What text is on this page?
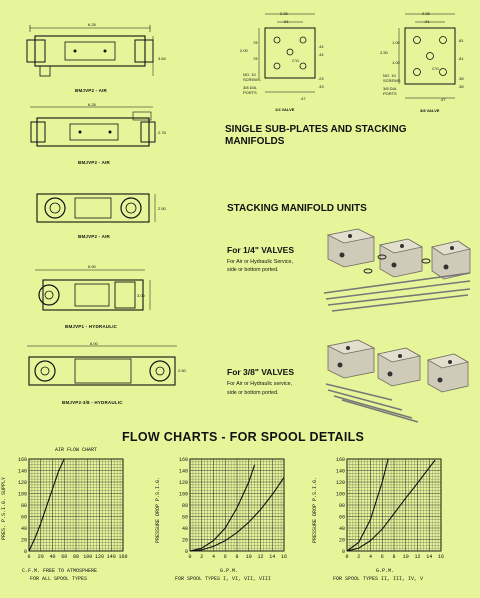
6.28
3.64
BMJVP2 - AIR
6.28
2.78
BMJVP2 - AIR
2.50
BMJVP2 - AIR
6.90
3.00
BMJVP1 - HYDRAULIC
8.00
2.50
BMJVP2-3/8 - HYDRAULIC
2.25
.91
2.00
.78
.78
.44
.44
.23
.33
.47
NO. 10
SCREWS
3/8 DIA.
PORTS
CYL
1/4 VALVE
2.25
.91
2.50
1.00
1.00
.81
.81
.38
.38
.47
NO. 10
SCREWS
3/8 DIA.
PORTS
CYL
3/8 VALVE
SINGLE SUB-PLATES AND STACKING
MANIFOLDS
STACKING MANIFOLD UNITS
For 1/4" VALVES
For Air or Hydraulic Service,
side or bottom ported.
For 3/8" VALVES
For Air or Hydraulic service,
side or bottom ported.
FLOW CHARTS - FOR SPOOL DETAILS
AIR FLOW CHART
0
20
40
60
80
100
120
140
160
0 20 40 60 80 100 120 140 160
PRES. P.S.I.G. SUPPLY
C.F.M. FREE TO ATMOSPHERE
FOR ALL SPOOL TYPES
0
20
40
60
80
100
120
140
160
0 2 4 6 8 10 12 14 16
PRESSURE DROP P.S.I.G.
G.P.M.
FOR SPOOL TYPES I, VI, VII, VIII
0
20
40
60
80
100
120
140
160
0 2 4 6 8 10 12 14 16
PRESSURE DROP P.S.I.G.
G.P.M.
FOR SPOOL TYPES II, III, IV, V
